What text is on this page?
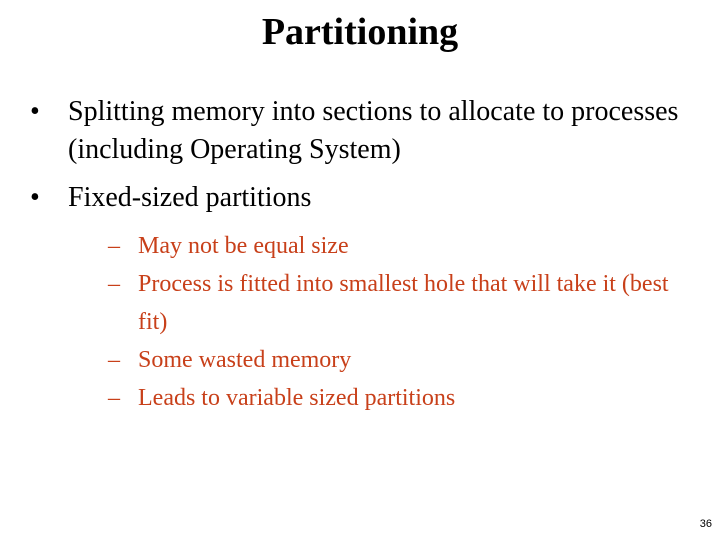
Partitioning
•	Splitting memory into sections to allocate to processes (including Operating System)
•	Fixed-sized partitions
– May not be equal size
– Process is fitted into smallest hole that will take it (best fit)
– Some wasted memory
– Leads to variable sized partitions
36
